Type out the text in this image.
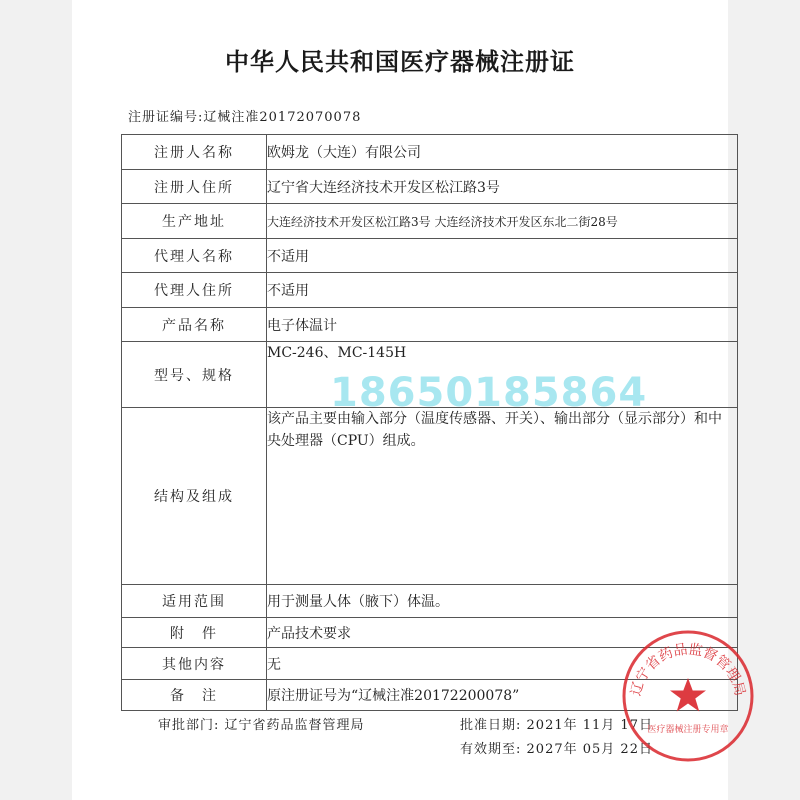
中华人民共和国医疗器械注册证
注册证编号:辽械注准20172070078
注册人名称	欧姆龙（大连）有限公司
注册人住所	辽宁省大连经济技术开发区松江路3号
生产地址	大连经济技术开发区松江路3号 大连经济技术开发区东北二街28号
代理人名称	不适用
代理人住所	不适用
产品名称	电子体温计
型号、规格	MC-246、MC-145H
结构及组成	该产品主要由输入部分（温度传感器、开关）、输出部分（显示部分）和中央处理器（CPU）组成。
适用范围	用于测量人体（腋下）体温。
附　件	产品技术要求
其他内容	无
备　注	原注册证号为“辽械注准20172200078”
18650185864
审批部门: 辽宁省药品监督管理局	批准日期: 2021年 11月 17日
有效期至: 2027年 05月 22日
辽宁省药品监督管理局
医疗器械注册专用章
